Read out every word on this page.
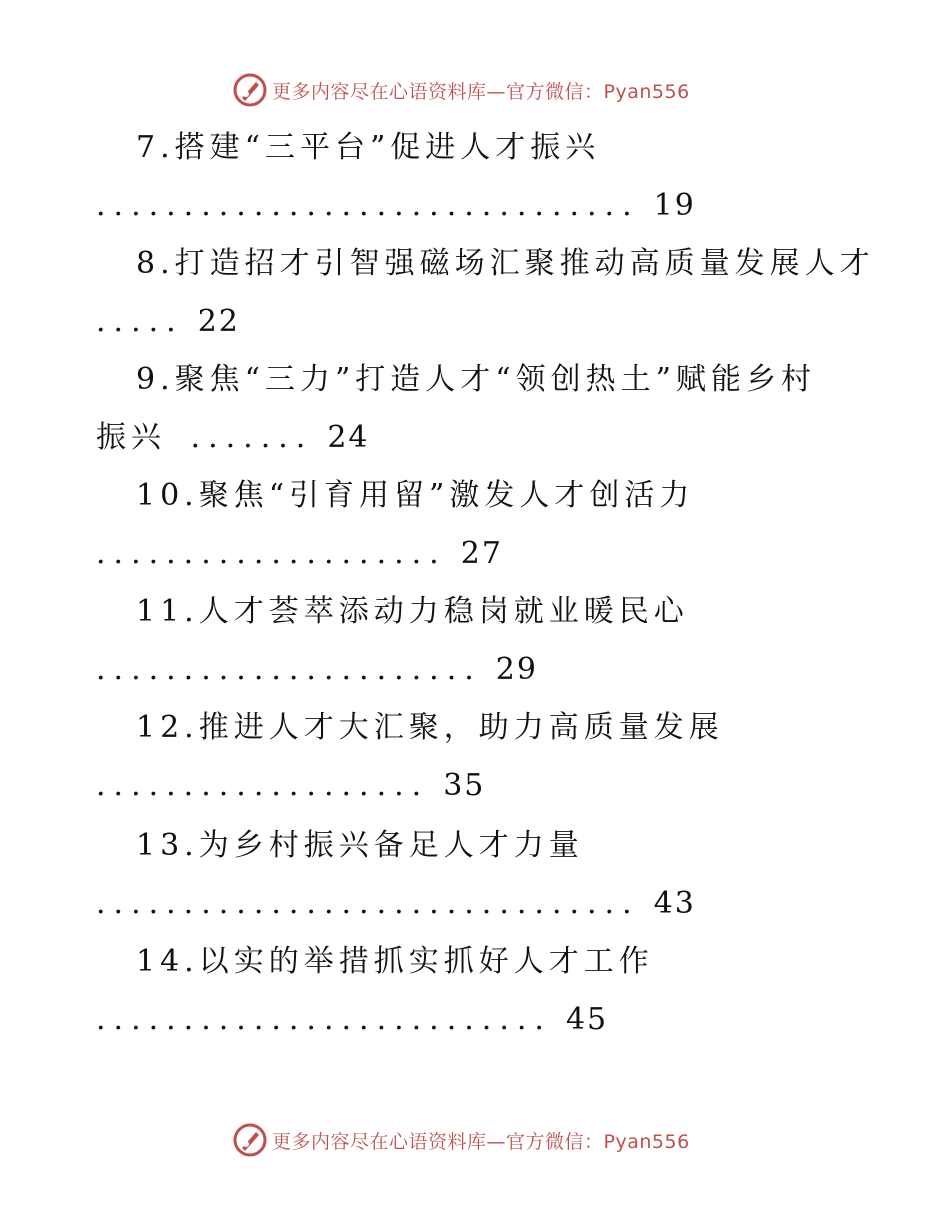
更多内容尽在心语资料库—官方微信：Pyan556
7.搭建“三平台”促进人才振兴
............................... 19
8.打造招才引智强磁场汇聚推动高质量发展人才
..... 22
9.聚焦“三力”打造人才“领创热土”赋能乡村
振兴 ....... 24
10.聚焦“引育用留”激发人才创活力
.................... 27
11.人才荟萃添动力稳岗就业暖民心
...................... 29
12.推进人才大汇聚，助力高质量发展
................... 35
13.为乡村振兴备足人才力量
............................... 43
14.以实的举措抓实抓好人才工作
.......................... 45
更多内容尽在心语资料库—官方微信：Pyan556
